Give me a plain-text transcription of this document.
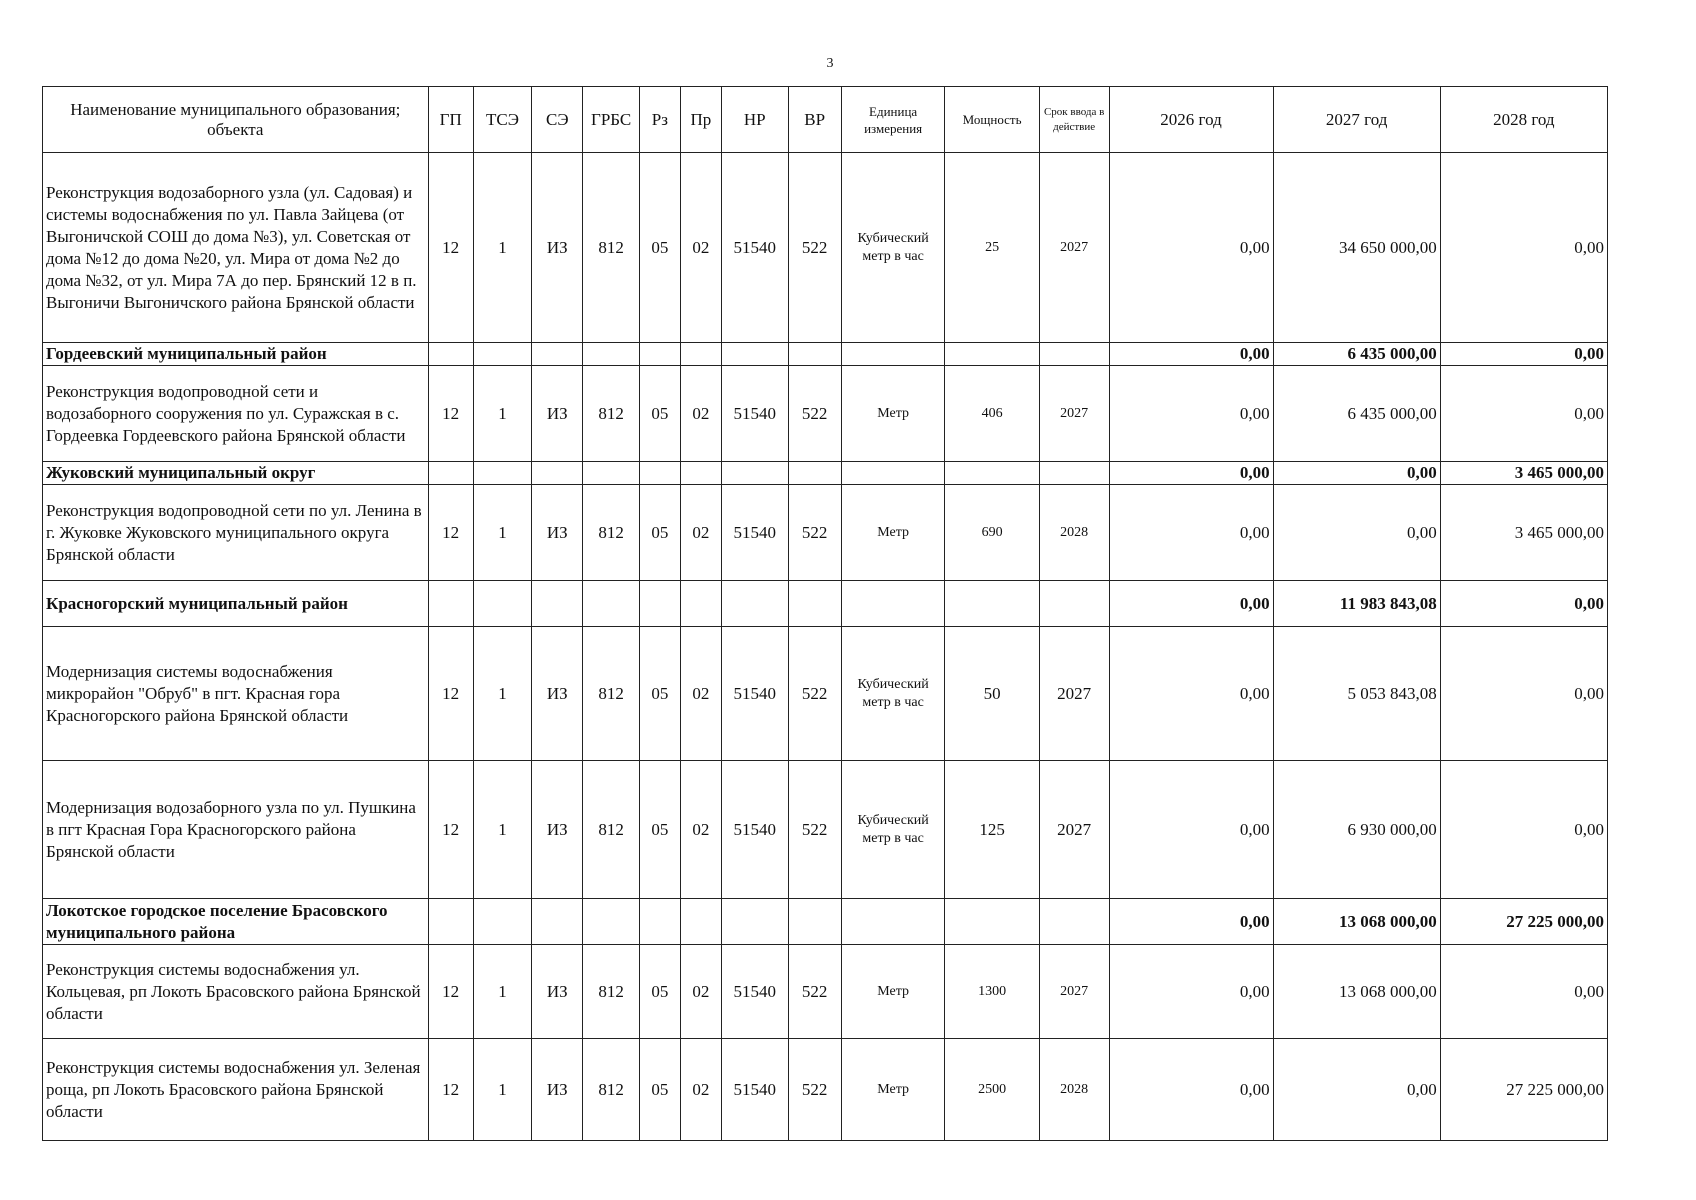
3
Наименование муниципального образования; объекта	ГП	ТСЭ	СЭ	ГРБС	Рз	Пр	НР	ВР	Единица измерения	Мощность	Срок ввода в действие	2026 год	2027 год	2028 год
Реконструкция водозаборного узла (ул. Садовая) и системы водоснабжения по ул. Павла Зайцева (от Выгоничской СОШ до дома №3), ул. Советская от дома №12 до дома №20, ул. Мира от дома №2 до дома №32, от ул. Мира 7А до пер. Брянский 12 в п. Выгоничи Выгоничского района Брянской области	12	1	ИЗ	812	05	02	51540	522	Кубический метр в час	25	2027	0,00	34 650 000,00	0,00
Гордеевский муниципальный район												0,00	6 435 000,00	0,00
Реконструкция водопроводной сети и водозаборного сооружения по ул. Суражская в с. Гордеевка Гордеевского района Брянской области	12	1	ИЗ	812	05	02	51540	522	Метр	406	2027	0,00	6 435 000,00	0,00
Жуковский муниципальный округ												0,00	0,00	3 465 000,00
Реконструкция водопроводной сети по ул. Ленина в г. Жуковке Жуковского муниципального округа Брянской области	12	1	ИЗ	812	05	02	51540	522	Метр	690	2028	0,00	0,00	3 465 000,00
Красногорский муниципальный район												0,00	11 983 843,08	0,00
Модернизация системы водоснабжения микрорайон "Обруб" в пгт. Красная гора Красногорского района Брянской области	12	1	ИЗ	812	05	02	51540	522	Кубический метр в час	50	2027	0,00	5 053 843,08	0,00
Модернизация водозаборного узла по ул. Пушкина в пгт Красная Гора Красногорского района Брянской области	12	1	ИЗ	812	05	02	51540	522	Кубический метр в час	125	2027	0,00	6 930 000,00	0,00
Локотское городское поселение Брасовского муниципального района												0,00	13 068 000,00	27 225 000,00
Реконструкция системы водоснабжения ул. Кольцевая, рп Локоть Брасовского района Брянской области	12	1	ИЗ	812	05	02	51540	522	Метр	1300	2027	0,00	13 068 000,00	0,00
Реконструкция системы водоснабжения ул. Зеленая роща, рп Локоть Брасовского района Брянской области	12	1	ИЗ	812	05	02	51540	522	Метр	2500	2028	0,00	0,00	27 225 000,00
